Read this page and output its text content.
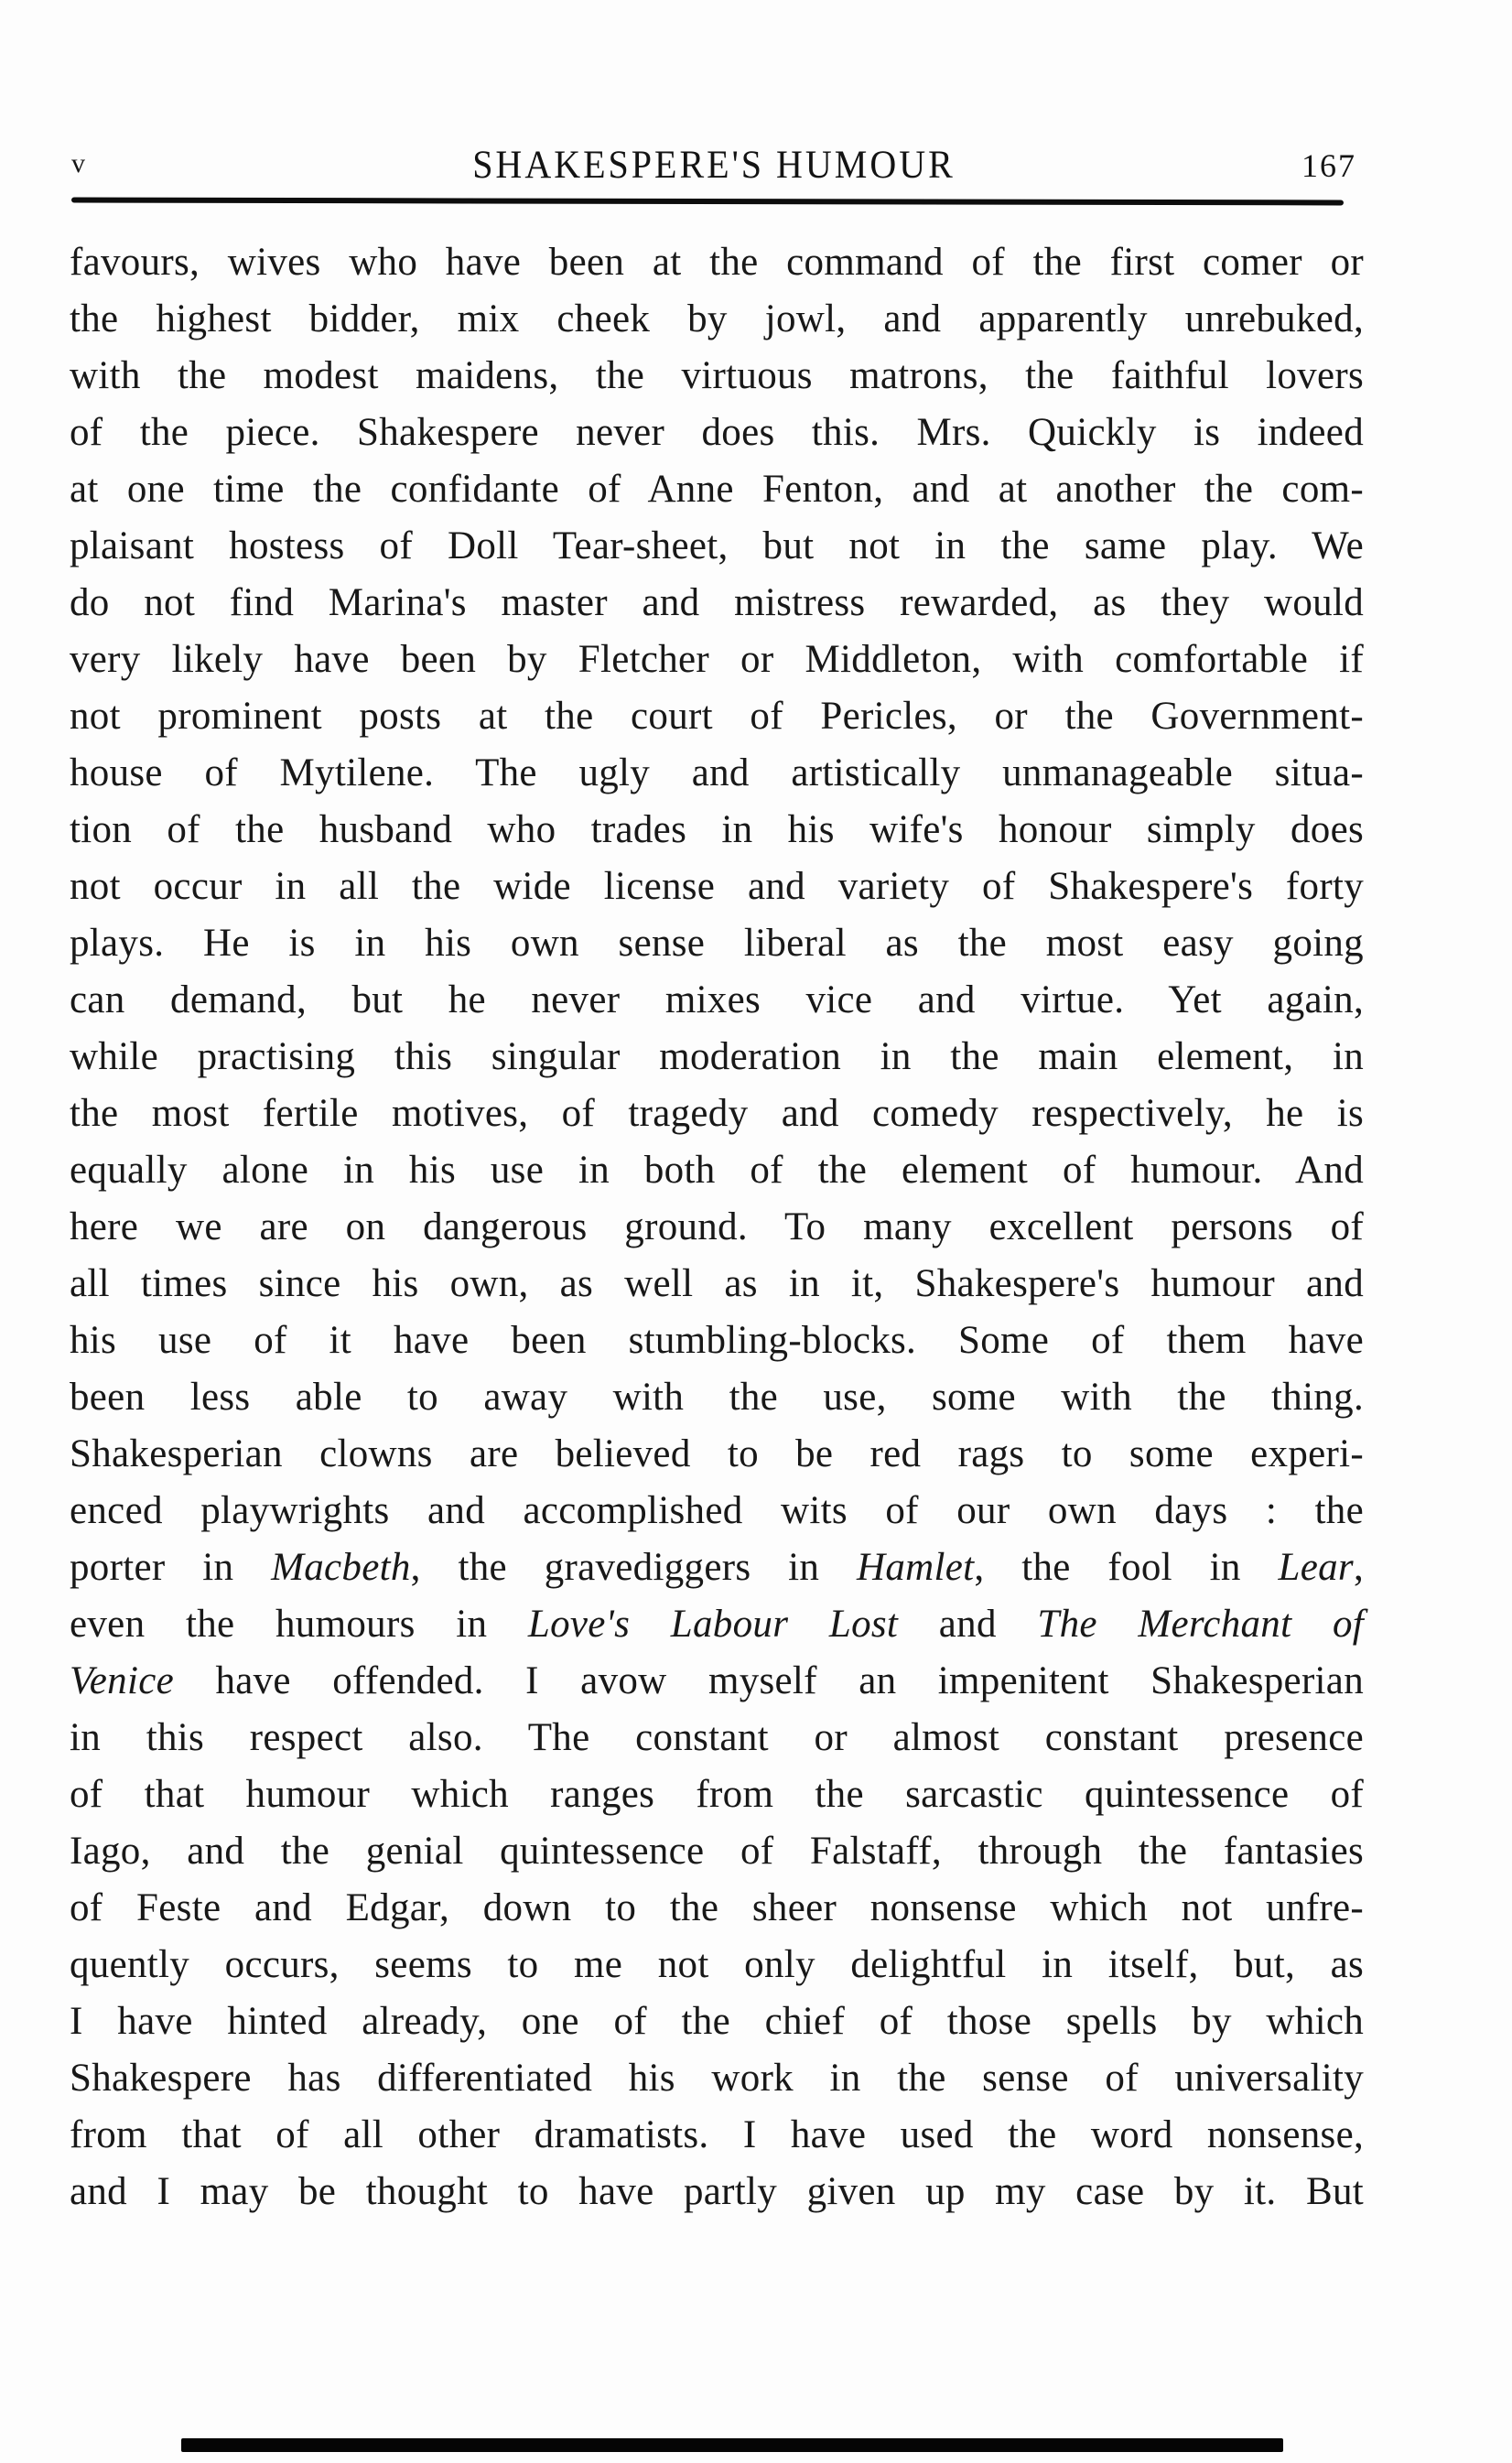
v	SHAKESPERE'S HUMOUR	167
favours, wives who have been at the command of the first comer or
the highest bidder, mix cheek by jowl, and apparently unrebuked,
with the modest maidens, the virtuous matrons, the faithful lovers
of the piece. Shakespere never does this. Mrs. Quickly is indeed
at one time the confidante of Anne Fenton, and at another the com-
plaisant hostess of Doll Tear-sheet, but not in the same play. We
do not find Marina's master and mistress rewarded, as they would
very likely have been by Fletcher or Middleton, with comfortable if
not prominent posts at the court of Pericles, or the Government-
house of Mytilene. The ugly and artistically unmanageable situa-
tion of the husband who trades in his wife's honour simply does
not occur in all the wide license and variety of Shakespere's forty
plays. He is in his own sense liberal as the most easy going
can demand, but he never mixes vice and virtue. Yet again,
while practising this singular moderation in the main element, in
the most fertile motives, of tragedy and comedy respectively, he is
equally alone in his use in both of the element of humour. And
here we are on dangerous ground. To many excellent persons of
all times since his own, as well as in it, Shakespere's humour and
his use of it have been stumbling-blocks. Some of them have
been less able to away with the use, some with the thing.
Shakesperian clowns are believed to be red rags to some experi-
enced playwrights and accomplished wits of our own days : the
porter in Macbeth, the gravediggers in Hamlet, the fool in Lear,
even the humours in Love's Labour Lost and The Merchant of
Venice have offended. I avow myself an impenitent Shakesperian
in this respect also. The constant or almost constant presence
of that humour which ranges from the sarcastic quintessence of
Iago, and the genial quintessence of Falstaff, through the fantasies
of Feste and Edgar, down to the sheer nonsense which not unfre-
quently occurs, seems to me not only delightful in itself, but, as
I have hinted already, one of the chief of those spells by which
Shakespere has differentiated his work in the sense of universality
from that of all other dramatists. I have used the word nonsense,
and I may be thought to have partly given up my case by it. But
